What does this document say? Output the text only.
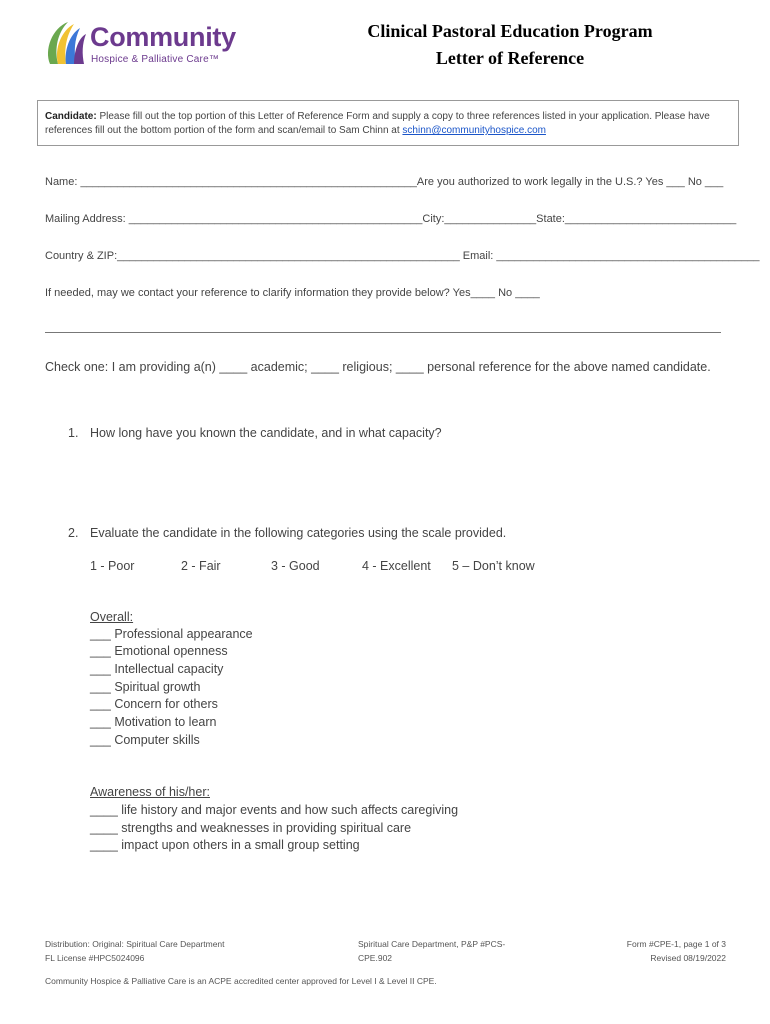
Community
Hospice & Palliative Care™
Clinical Pastoral Education Program
Letter of Reference
Candidate: Please fill out the top portion of this Letter of Reference Form and supply a copy to three references listed in your application. Please have
references fill out the bottom portion of the form and scan/email to Sam Chinn at schinn@communityhospice.com
Name: _______________________________________________________Are you authorized to work legally in the U.S.? Yes ___ No ___
Mailing Address: ________________________________________________City:_______________State:____________________________
Country & ZIP:________________________________________________________ Email: ___________________________________________
If needed, may we contact your reference to clarify information they provide below? Yes____ No ____
Check one: I am providing a(n) ____ academic; ____ religious; ____ personal reference for the above named candidate.
1. How long have you known the candidate, and in what capacity?
2. Evaluate the candidate in the following categories using the scale provided.
1 - Poor	2 - Fair	3 - Good	4 - Excellent 5 – Don’t know
Overall:
___ Professional appearance
___ Emotional openness
___ Intellectual capacity
___ Spiritual growth
___ Concern for others
___ Motivation to learn
___ Computer skills
Awareness of his/her:
____ life history and major events and how such affects caregiving
____ strengths and weaknesses in providing spiritual care
____ impact upon others in a small group setting
Distribution: Original: Spiritual Care Department
FL License #HPC5024096
Spiritual Care Department, P&P #PCS-
CPE.902
Form #CPE-1, page 1 of 3
Revised 08/19/2022
Community Hospice & Palliative Care is an ACPE accredited center approved for Level I & Level II CPE.
